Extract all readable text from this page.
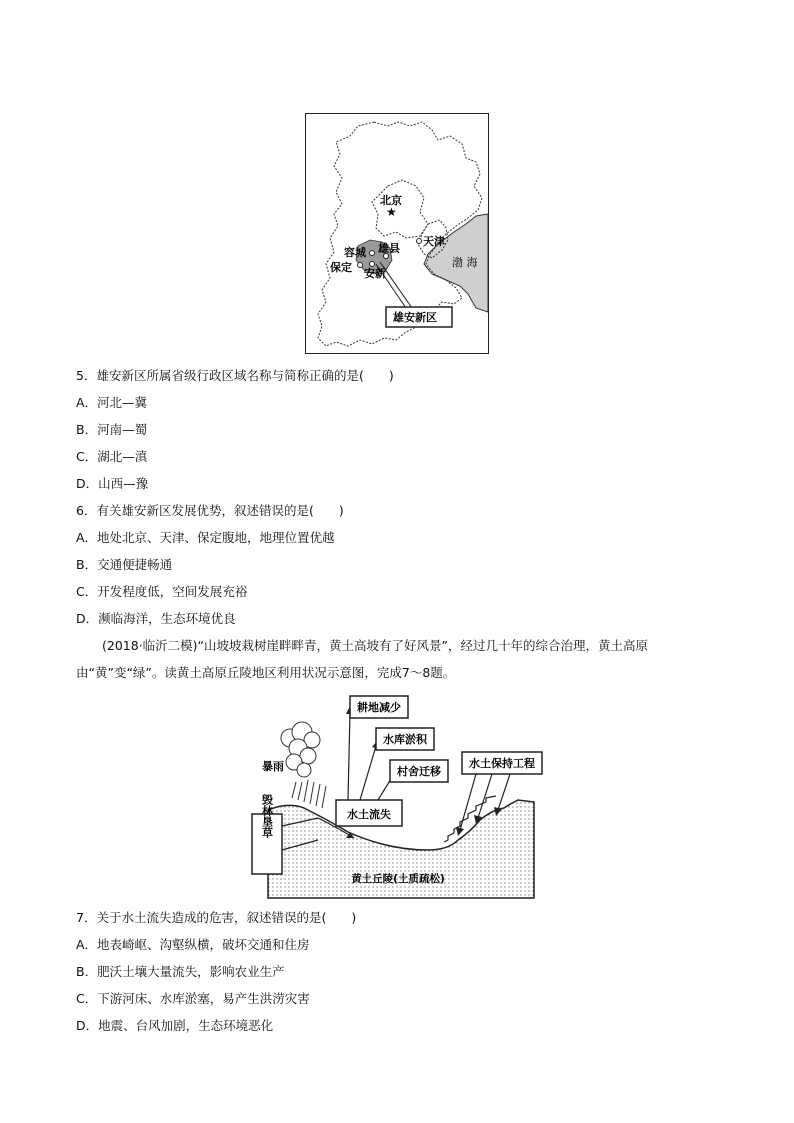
★
北京
天津
容城 雄县
保定 安新
渤 海
雄安新区
5．雄安新区所属省级行政区域名称与简称正确的是(　　)
A．河北—冀
B．河南—蜀
C．湖北—滇
D．山西—豫
6．有关雄安新区发展优势，叙述错误的是(　　)
A．地处北京、天津、保定腹地，地理位置优越
B．交通便捷畅通
C．开发程度低，空间发展充裕
D．濒临海洋，生态环境优良
(2018·临沂二模)“山坡坡栽树崖畔畔青，黄土高坡有了好风景”，经过几十年的综合治理，黄土高原由“黄”变“绿”。读黄土高原丘陵地区利用状况示意图，完成7～8题。
暴雨
毁林垦草	水土流失
耕地减少
水库淤积
村舍迁移
水土保持工程
黄土丘陵(土质疏松)
7．关于水土流失造成的危害，叙述错误的是(　　)
A．地表崎岖、沟壑纵横，破坏交通和住房
B．肥沃土壤大量流失，影响农业生产
C．下游河床、水库淤塞，易产生洪涝灾害
D．地震、台风加剧，生态环境恶化
